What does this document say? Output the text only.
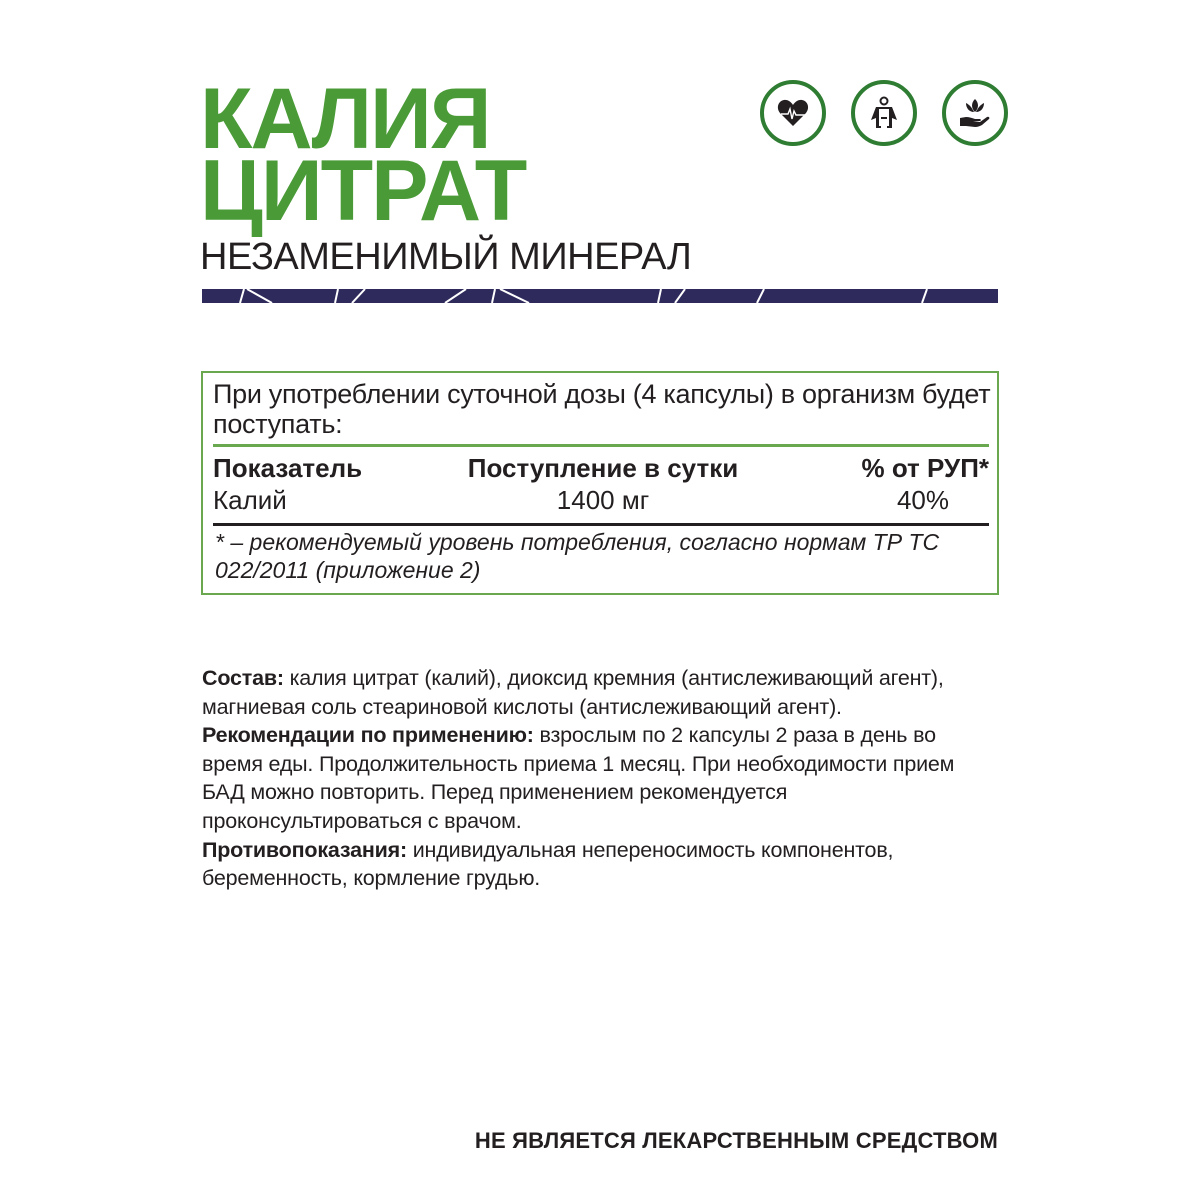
КАЛИЯ
ЦИТРАТ
НЕЗАМЕНИМЫЙ МИНЕРАЛ
При употреблении суточной дозы (4 капсулы) в организм будет поступать:
Показатель	Поступление в сутки	% от РУП*
Калий	1400 мг	40%
* – рекомендуемый уровень потребления, согласно нормам ТР ТС 022/2011 (приложение 2)
Состав: калия цитрат (калий), диоксид кремния (антислеживающий агент), магниевая соль стеариновой кислоты (антислеживающий агент).
Рекомендации по применению: взрослым по 2 капсулы 2 раза в день во время еды. Продолжительность приема 1 месяц. При необходимости прием БАД можно повторить. Перед применением рекомендуется проконсультироваться с врачом.
Противопоказания: индивидуальная непереносимость компонентов, беременность, кормление грудью.
НЕ ЯВЛЯЕТСЯ ЛЕКАРСТВЕННЫМ СРЕДСТВОМ
